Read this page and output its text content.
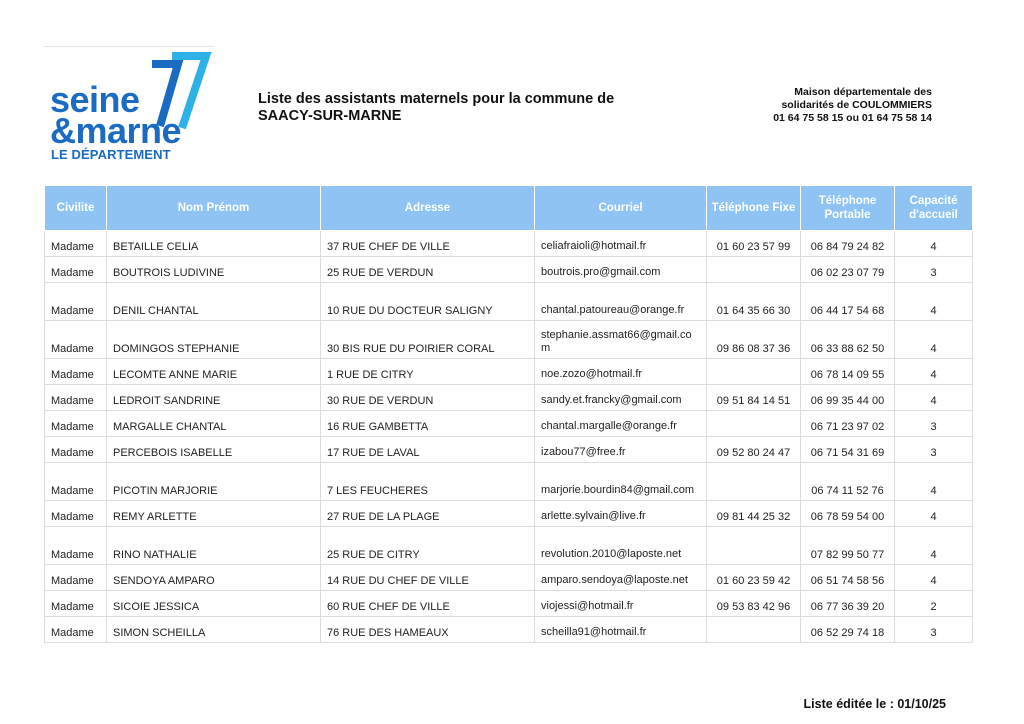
seine
&marne
LE DÉPARTEMENT
Liste des assistants maternels pour la commune de
SAACY-SUR-MARNE
Maison départementale des
solidarités de COULOMMIERS
01 64 75 58 15 ou 01 64 75 58 14
Civilite	Nom Prénom	Adresse	Courriel	Téléphone Fixe	Téléphone Portable	Capacité d'accueil
Madame	BETAILLE CELIA	37 RUE CHEF DE VILLE	celiafraioli@hotmail.fr	01 60 23 57 99	06 84 79 24 82	4
Madame	BOUTROIS LUDIVINE	25 RUE DE VERDUN	boutrois.pro@gmail.com		06 02 23 07 79	3
Madame	DENIL CHANTAL	10 RUE DU DOCTEUR SALIGNY	chantal.patoureau@orange.fr	01 64 35 66 30	06 44 17 54 68	4
Madame	DOMINGOS STEPHANIE	30 BIS RUE DU POIRIER CORAL	stephanie.assmat66@gmail.com	09 86 08 37 36	06 33 88 62 50	4
Madame	LECOMTE ANNE MARIE	1 RUE DE CITRY	noe.zozo@hotmail.fr		06 78 14 09 55	4
Madame	LEDROIT SANDRINE	30 RUE DE VERDUN	sandy.et.francky@gmail.com	09 51 84 14 51	06 99 35 44 00	4
Madame	MARGALLE CHANTAL	16 RUE GAMBETTA	chantal.margalle@orange.fr		06 71 23 97 02	3
Madame	PERCEBOIS ISABELLE	17 RUE DE LAVAL	izabou77@free.fr	09 52 80 24 47	06 71 54 31 69	3
Madame	PICOTIN MARJORIE	7 LES FEUCHERES	marjorie.bourdin84@gmail.com		06 74 11 52 76	4
Madame	REMY ARLETTE	27 RUE DE LA PLAGE	arlette.sylvain@live.fr	09 81 44 25 32	06 78 59 54 00	4
Madame	RINO NATHALIE	25 RUE DE CITRY	revolution.2010@laposte.net		07 82 99 50 77	4
Madame	SENDOYA AMPARO	14 RUE DU CHEF DE VILLE	amparo.sendoya@laposte.net	01 60 23 59 42	06 51 74 58 56	4
Madame	SICOIE JESSICA	60 RUE CHEF DE VILLE	viojessi@hotmail.fr	09 53 83 42 96	06 77 36 39 20	2
Madame	SIMON SCHEILLA	76 RUE DES HAMEAUX	scheilla91@hotmail.fr		06 52 29 74 18	3
Liste éditée le : 01/10/25
